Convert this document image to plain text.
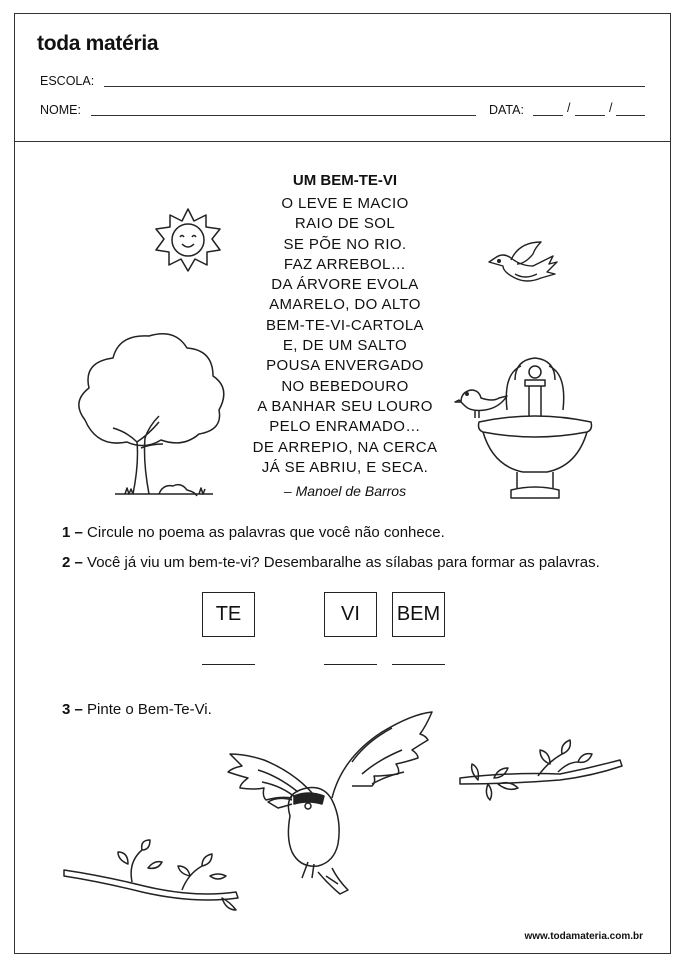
toda matéria
ESCOLA:
NOME:	DATA:	/	/
UM BEM-TE-VI
O LEVE E MACIO
RAIO DE SOL
SE PÕE NO RIO.
FAZ ARREBOL…
DA ÁRVORE EVOLA
AMARELO, DO ALTO
BEM-TE-VI-CARTOLA
E, DE UM SALTO
POUSA ENVERGADO
NO BEBEDOURO
A BANHAR SEU LOURO
PELO ENRAMADO…
DE ARREPIO, NA CERCA
JÁ SE ABRIU, E SECA.
– Manoel de Barros
1 – Circule no poema as palavras que você não conhece.
2 – Você já viu um bem-te-vi? Desembaralhe as sílabas para formar as palavras.
TE	VI	BEM
3 – Pinte o Bem-Te-Vi.
www.todamateria.com.br
